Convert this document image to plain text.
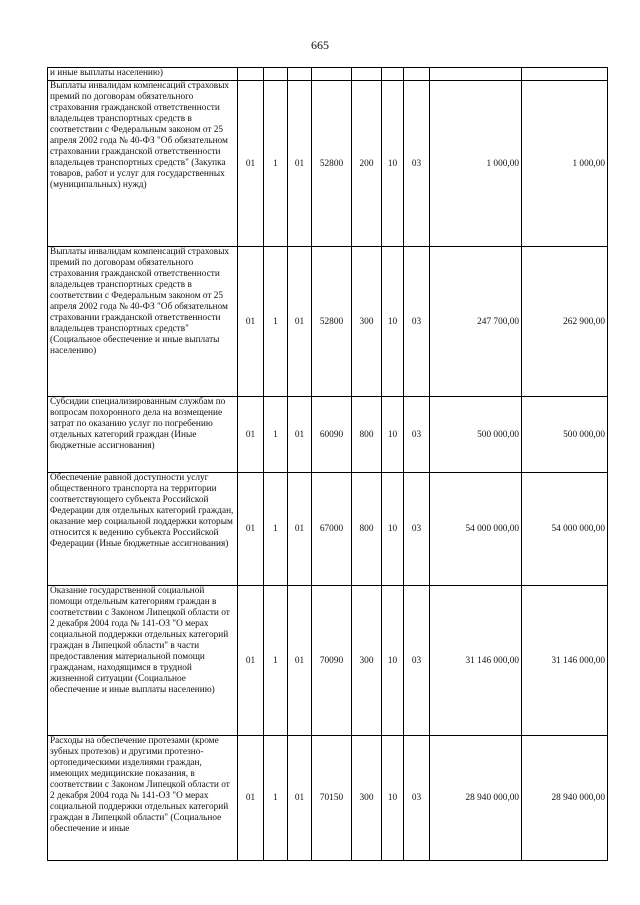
665
и иные выплаты населению)									
Выплаты инвалидам компенсаций страховых премий по договорам обязательного страхования гражданской ответственности владельцев транспортных средств в соответствии с Федеральным законом от 25 апреля 2002 года № 40-ФЗ "Об обязательном страховании гражданской ответственности владельцев транспортных средств" (Закупка товаров, работ и услуг для государственных (муниципальных) нужд)	01	1	01	52800	200	10	03	1 000,00	1 000,00
Выплаты инвалидам компенсаций страховых премий по договорам обязательного страхования гражданской ответственности владельцев транспортных средств в соответствии с Федеральным законом от 25 апреля 2002 года № 40-ФЗ "Об обязательном страховании гражданской ответственности владельцев транспортных средств" (Социальное обеспечение и иные выплаты населению)	01	1	01	52800	300	10	03	247 700,00	262 900,00
Субсидии специализированным службам по вопросам похоронного дела на возмещение затрат по оказанию услуг по погребению отдельных категорий граждан (Иные бюджетные ассигнования)	01	1	01	60090	800	10	03	500 000,00	500 000,00
Обеспечение равной доступности услуг общественного транспорта на территории соответствующего субъекта Российской Федерации для отдельных категорий граждан, оказание мер социальной поддержки которым относится к ведению субъекта Российской Федерации (Иные бюджетные ассигнования)	01	1	01	67000	800	10	03	54 000 000,00	54 000 000,00
Оказание государственной социальной помощи отдельным категориям граждан в соответствии с Законом Липецкой области от 2 декабря 2004 года № 141-ОЗ "О мерах социальной поддержки отдельных категорий граждан в Липецкой области" в части предоставления материальной помощи гражданам, находящимся в трудной жизненной ситуации (Социальное обеспечение и иные выплаты населению)	01	1	01	70090	300	10	03	31 146 000,00	31 146 000,00
Расходы на обеспечение протезами (кроме зубных протезов) и другими протезно-ортопедическими изделиями граждан, имеющих медицинские показания, в соответствии с Законом Липецкой области от 2 декабря 2004 года № 141-ОЗ "О мерах социальной поддержки отдельных категорий граждан в Липецкой области" (Социальное обеспечение и иные	01	1	01	70150	300	10	03	28 940 000,00	28 940 000,00
